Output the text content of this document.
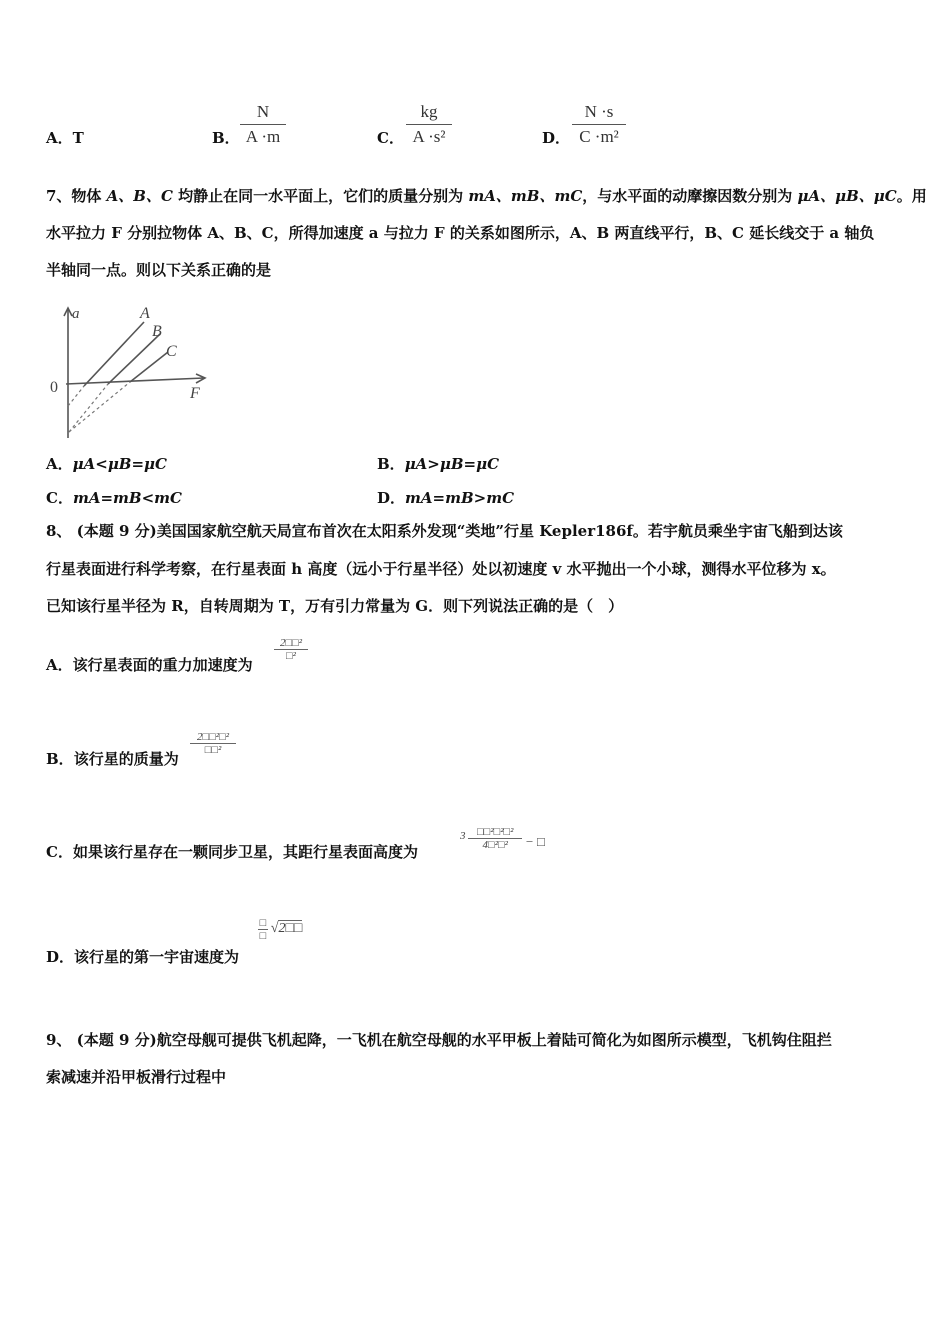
A．T	B．
N
A ·m	C．
kg
A ·s²	D．
N ·s
C ·m²
7、物体 A、B、C 均静止在同一水平面上，它们的质量分别为 mA、mB、mC，与水平面的动摩擦因数分别为 μA、μB、μC。用
水平拉力 F 分别拉物体 A、B、C，所得加速度 a 与拉力 F 的关系如图所示，A、B 两直线平行，B、C 延长线交于 a 轴负
半轴同一点。则以下关系正确的是
a
F
0
A
B
C
A．μA<μB=μC	B．μA>μB=μC
C．mA=mB<mC	D．mA=mB>mC
8、 (本题 9 分)美国国家航空航天局宣布首次在太阳系外发现“类地”行星 Kepler186f。若宇航员乘坐宇宙飞船到达该
行星表面进行科学考察，在行星表面 h 高度（远小于行星半径）处以初速度 v 水平抛出一个小球，测得水平位移为 x。
已知该行星半径为 R，自转周期为 T，万有引力常量为 G．则下列说法正确的是（　）
A．该行星表面的重力加速度为
2□□²
□²
B．该行星的质量为
2□□²□²
□□²
C．如果该行星存在一颗同步卫星，其距行星表面高度为
3	□□²□²□²
4□²□²	− □
D．该行星的第一宇宙速度为
□
□ √2□□
9、 (本题 9 分)航空母舰可提供飞机起降，一飞机在航空母舰的水平甲板上着陆可简化为如图所示模型，飞机钩住阻拦
索减速并沿甲板滑行过程中
